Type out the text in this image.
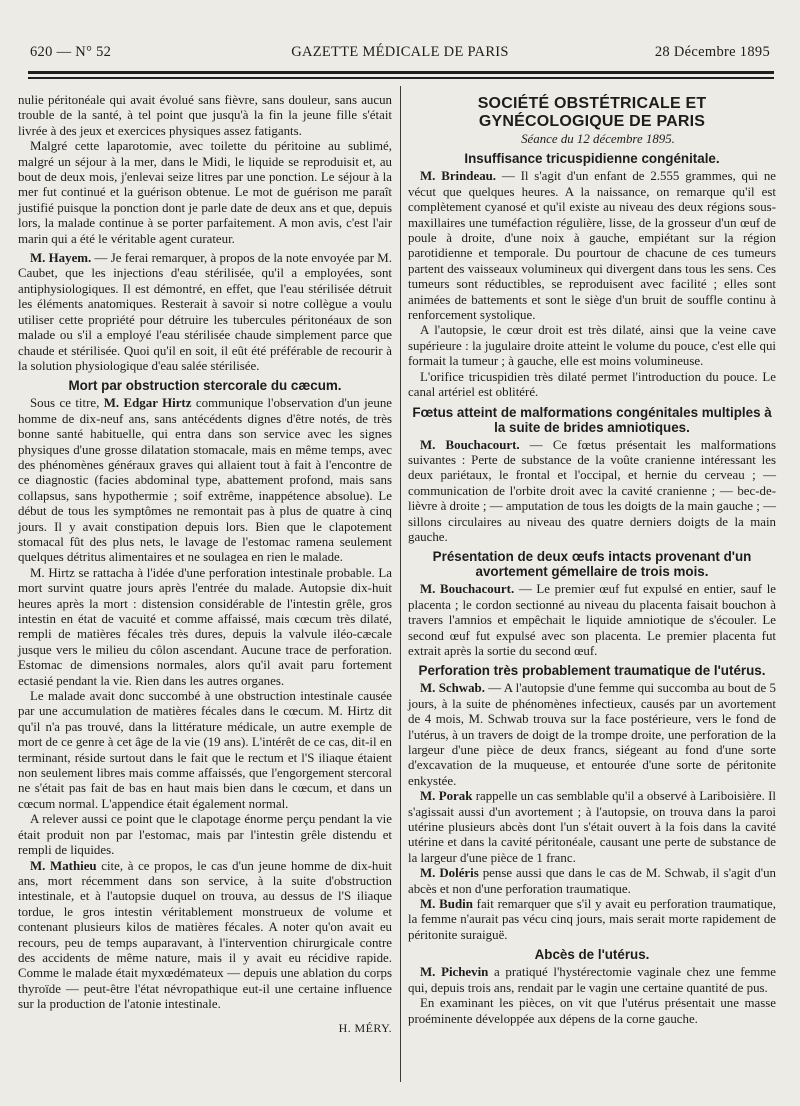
620 — N° 52	GAZETTE MÉDICALE DE PARIS	28 Décembre 1895

nulie péritonéale qui avait évolué sans fièvre, sans douleur, sans aucun trouble de la santé, à tel point que jusqu'à la fin la jeune fille s'était livrée à des jeux et exercices physiques assez fatigants.

Malgré cette laparotomie, avec toilette du péritoine au sublimé, malgré un séjour à la mer, dans le Midi, le liquide se reproduisit et, au bout de deux mois, j'enlevai seize litres par une ponction. Le séjour à la mer fut continué et la guérison obtenue. Le mot de guérison me paraît justifié puisque la ponction dont je parle date de deux ans et que, depuis lors, la malade continue à se porter parfaitement. A mon avis, c'est l'air marin qui a été le véritable agent curateur.

M. Hayem. — Je ferai remarquer, à propos de la note envoyée par M. Caubet, que les injections d'eau stérilisée, qu'il a employées, sont antiphysiologiques. Il est démontré, en effet, que l'eau stérilisée détruit les éléments anatomiques. Resterait à savoir si notre collègue a voulu utiliser cette propriété pour détruire les tubercules péritonéaux de son malade ou s'il a employé l'eau stérilisée chaude simplement parce que chaude et stérilisée. Quoi qu'il en soit, il eût été préférable de recourir à la solution physiologique d'eau salée stérilisée.

Mort par obstruction stercorale du cæcum.

Sous ce titre, M. Edgar Hirtz communique l'observation d'un jeune homme de dix-neuf ans, sans antécédents dignes d'être notés, de très bonne santé habituelle, qui entra dans son service avec les signes physiques d'une grosse dilatation stomacale, mais en même temps, avec des phénomènes généraux graves qui allaient tout à fait à l'encontre de ce diagnostic (facies abdominal type, abattement profond, mais sans collapsus, sans hypothermie ; soif extrême, inappétence absolue). Le début de tous les symptômes ne remontait pas à plus de quatre à cinq jours. Il y avait constipation depuis lors. Bien que le clapotement stomacal fût des plus nets, le lavage de l'estomac ramena seulement quelques détritus alimentaires et ne soulagea en rien le malade.

M. Hirtz se rattacha à l'idée d'une perforation intestinale probable. La mort survint quatre jours après l'entrée du malade. Autopsie dix-huit heures après la mort : distension considérable de l'intestin grêle, gros intestin en état de vacuité et comme affaissé, mais cœcum très dilaté, rempli de matières fécales très dures, depuis la valvule iléo-cæcale jusque vers le milieu du côlon ascendant. Aucune trace de perforation. Estomac de dimensions normales, alors qu'il avait paru fortement ectasié pendant la vie. Rien dans les autres organes.

Le malade avait donc succombé à une obstruction intestinale causée par une accumulation de matières fécales dans le cœcum. M. Hirtz dit qu'il n'a pas trouvé, dans la littérature médicale, un autre exemple de mort de ce genre à cet âge de la vie (19 ans). L'intérêt de ce cas, dit-il en terminant, réside surtout dans le fait que le rectum et l'S iliaque étaient non seulement libres mais comme affaissés, que l'engorgement stercoral ne s'était pas fait de bas en haut mais bien dans le cœcum, et dans un cœcum normal. L'appendice était également normal.

A relever aussi ce point que le clapotage énorme perçu pendant la vie était produit non par l'estomac, mais par l'intestin grêle distendu et rempli de liquides.

M. Mathieu cite, à ce propos, le cas d'un jeune homme de dix-huit ans, mort récemment dans son service, à la suite d'obstruction intestinale, et à l'autopsie duquel on trouva, au dessus de l'S iliaque tordue, le gros intestin véritablement monstrueux de volume et contenant plusieurs kilos de matières fécales. A noter qu'on avait eu recours, peu de temps auparavant, à l'intervention chirurgicale contre des accidents de même nature, mais il y avait eu récidive rapide. Comme le malade était myxœdémateux — depuis une ablation du corps thyroïde — peut-être l'état névropathique eut-il une certaine influence sur la production de l'atonie intestinale.

H. MÉRY.

SOCIÉTÉ OBSTÉTRICALE ET GYNÉCOLOGIQUE DE PARIS

Séance du 12 décembre 1895.

Insuffisance tricuspidienne congénitale.

M. Brindeau. — Il s'agit d'un enfant de 2.555 grammes, qui ne vécut que quelques heures. A la naissance, on remarque qu'il est complètement cyanosé et qu'il existe au niveau des deux régions sous-maxillaires une tuméfaction régulière, lisse, de la grosseur d'un œuf de poule à droite, d'une noix à gauche, empiétant sur la région parotidienne et temporale. Du pourtour de chacune de ces tumeurs partent des vaisseaux volumineux qui divergent dans tous les sens. Ces tumeurs sont réductibles, se reproduisent avec facilité ; elles sont animées de battements et sont le siège d'un bruit de souffle continu à renforcement systolique.

A l'autopsie, le cœur droit est très dilaté, ainsi que la veine cave supérieure : la jugulaire droite atteint le volume du pouce, c'est elle qui formait la tumeur ; à gauche, elle est moins volumineuse.

L'orifice tricuspidien très dilaté permet l'introduction du pouce. Le canal artériel est oblitéré.

Fœtus atteint de malformations congénitales multiples à la suite de brides amniotiques.

M. Bouchacourt. — Ce fœtus présentait les malformations suivantes : Perte de substance de la voûte cranienne intéressant les deux pariétaux, le frontal et l'occipal, et hernie du cerveau ; — communication de l'orbite droit avec la cavité cranienne ; — bec-de-lièvre à droite ; — amputation de tous les doigts de la main gauche ; — sillons circulaires au niveau des quatre derniers doigts de la main gauche.

Présentation de deux œufs intacts provenant d'un avortement gémellaire de trois mois.

M. Bouchacourt. — Le premier œuf fut expulsé en entier, sauf le placenta ; le cordon sectionné au niveau du placenta faisait bouchon à travers l'amnios et empêchait le liquide amniotique de s'écouler. Le second œuf fut expulsé avec son placenta. Le premier placenta fut extrait après la sortie du second œuf.

Perforation très probablement traumatique de l'utérus.

M. Schwab. — A l'autopsie d'une femme qui succomba au bout de 5 jours, à la suite de phénomènes infectieux, causés par un avortement de 4 mois, M. Schwab trouva sur la face postérieure, vers le fond de l'utérus, à un travers de doigt de la trompe droite, une perforation de la largeur d'une pièce de deux francs, siégeant au fond d'une sorte d'excavation de la muqueuse, et entourée d'une sorte de péritonite enkystée.

M. Porak rappelle un cas semblable qu'il a observé à Lariboisière. Il s'agissait aussi d'un avortement ; à l'autopsie, on trouva dans la paroi utérine plusieurs abcès dont l'un s'était ouvert à la fois dans la cavité utérine et dans la cavité péritonéale, causant une perte de substance de la largeur d'une pièce de 1 franc.

M. Doléris pense aussi que dans le cas de M. Schwab, il s'agit d'un abcès et non d'une perforation traumatique.

M. Budin fait remarquer que s'il y avait eu perforation traumatique, la femme n'aurait pas vécu cinq jours, mais serait morte rapidement de péritonite suraiguë.

Abcès de l'utérus.

M. Pichevin a pratiqué l'hystérectomie vaginale chez une femme qui, depuis trois ans, rendait par le vagin une certaine quantité de pus.

En examinant les pièces, on vit que l'utérus présentait une masse proéminente développée aux dépens de la corne gauche.
